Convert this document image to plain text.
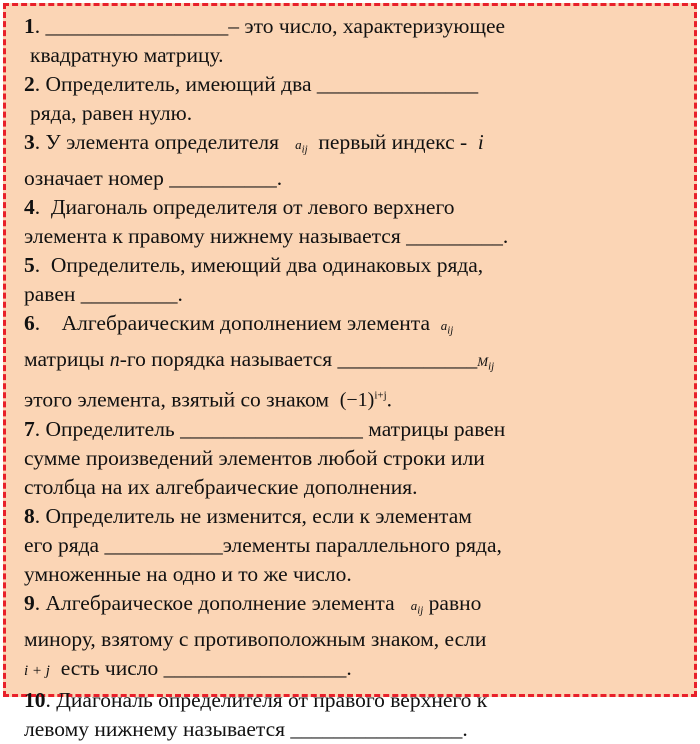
1. _________________– это число, характеризующее
квадратную матрицу.

2. Определитель, имеющий два _______________
ряда, равен нулю.

3. У элемента определителя $a_{ij}$ первый индекс - i
означает номер __________.

4.  Диагональ определителя от левого верхнего
элемента к правому нижнему называется _________.

5.  Определитель, имеющий два одинаковых ряда,
равен _________.

6.    Алгебраическим дополнением элемента $a_{ij}$
матрицы n-го порядка называется $\_\_\_\_\_\_\_\_\_\_\_\_\_M_{ij}$
этого элемента, взятый со знаком $(-1)^{i+j}$.

7. Определитель _________________ матрицы равен
сумме произведений элементов любой строки или
столбца на их алгебраические дополнения.

8. Определитель не изменится, если к элементам
его ряда ___________элементы параллельного ряда,
умноженные на одно и то же число.

9. Алгебраическое дополнение элемента $a_{ij}$ равно
минору, взятому с противоположным знаком, если
i + j есть число _________________.

10. Диагональ определителя от правого верхнего к
левому нижнему называется ________________.
